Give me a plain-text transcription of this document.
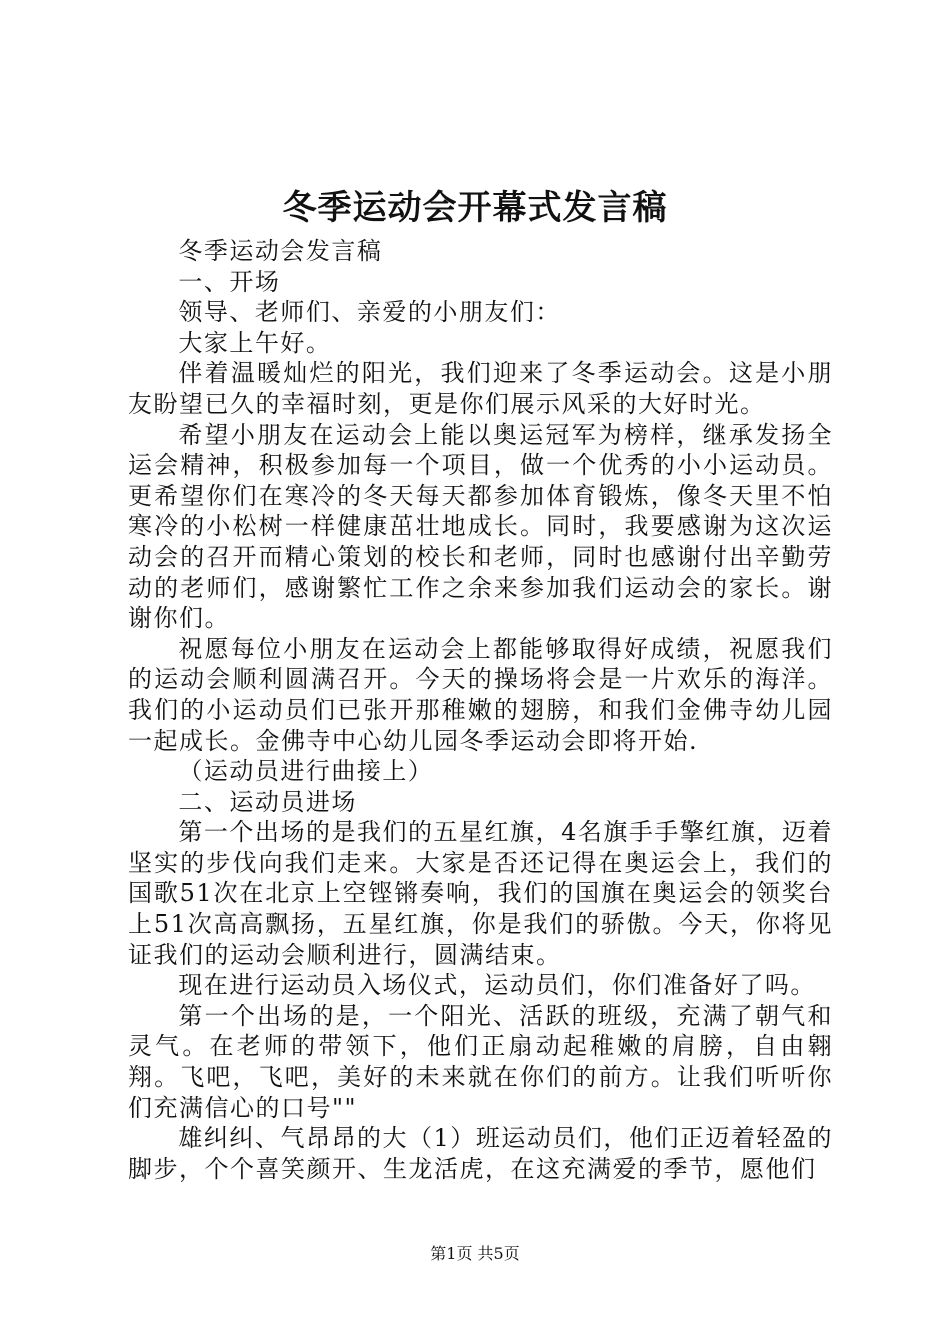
冬季运动会开幕式发言稿

冬季运动会发言稿

一、开场

领导、老师们、亲爱的小朋友们：

大家上午好。

伴着温暖灿烂的阳光，我们迎来了冬季运动会。这是小朋友盼望已久的幸福时刻，更是你们展示风采的大好时光。

希望小朋友在运动会上能以奥运冠军为榜样，继承发扬全运会精神，积极参加每一个项目，做一个优秀的小小运动员。更希望你们在寒冷的冬天每天都参加体育锻炼，像冬天里不怕寒冷的小松树一样健康茁壮地成长。同时，我要感谢为这次运动会的召开而精心策划的校长和老师，同时也感谢付出辛勤劳动的老师们，感谢繁忙工作之余来参加我们运动会的家长。谢谢你们。

祝愿每位小朋友在运动会上都能够取得好成绩，祝愿我们的运动会顺利圆满召开。今天的操场将会是一片欢乐的海洋。我们的小运动员们已张开那稚嫩的翅膀，和我们金佛寺幼儿园一起成长。金佛寺中心幼儿园冬季运动会即将开始.

（运动员进行曲接上）

二、运动员进场

第一个出场的是我们的五星红旗，4名旗手手擎红旗，迈着坚实的步伐向我们走来。大家是否还记得在奥运会上，我们的国歌51次在北京上空铿锵奏响，我们的国旗在奥运会的领奖台上51次高高飘扬，五星红旗，你是我们的骄傲。今天，你将见证我们的运动会顺利进行，圆满结束。

现在进行运动员入场仪式，运动员们，你们准备好了吗。

第一个出场的是，一个阳光、活跃的班级，充满了朝气和灵气。在老师的带领下，他们正扇动起稚嫩的肩膀，自由翱翔。飞吧，飞吧，美好的未来就在你们的前方。让我们听听你们充满信心的口号""

雄纠纠、气昂昂的大（1）班运动员们，他们正迈着轻盈的脚步，个个喜笑颜开、生龙活虎，在这充满爱的季节，愿他们

第1页 共5页
